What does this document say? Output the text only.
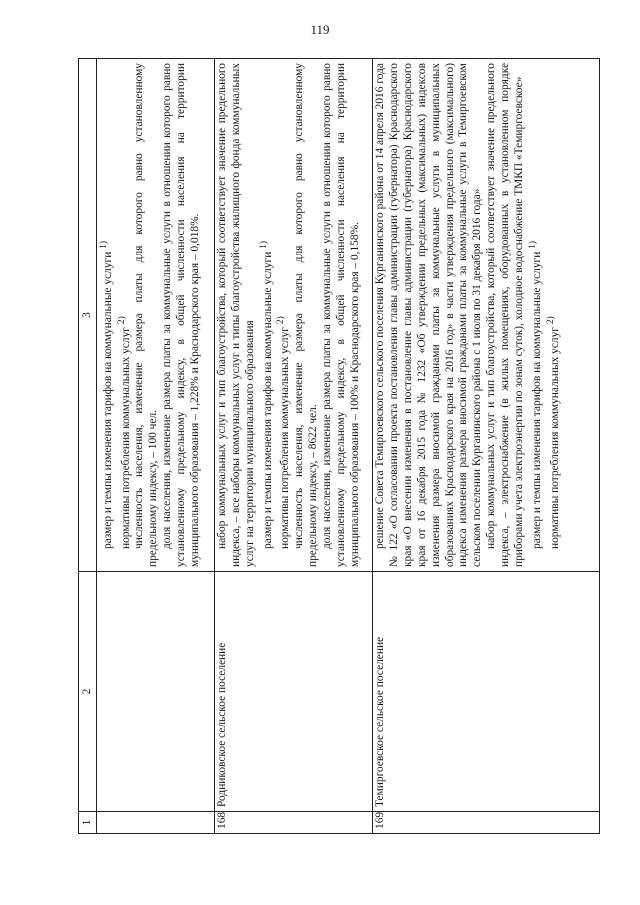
119
1	2	3

		размер и темпы изменения тарифов на коммунальные услуги $^{1)}$

нормативы потребления коммунальных услуг $^{2)}$ численность населения, изменение размера платы для которого равно установленному предельному индексу, – 100 чел. доля населения, изменение размера платы за коммунальные услуги в отношении которого равно установленному предельному индексу, в общей численности населения на территории муниципального образования – 1,228% и Краснодарского края – 0,018%.

168	Родниковское сельское поселение	набор коммунальных услуг и тип благоустройства, который соответствует значение предельного индекса, – все наборы коммунальных услуг и типы благоустройства жилищного фонда коммунальных услуг на территории муниципального образования размер и темпы изменения тарифов на коммунальные услуги $^{1)}$

нормативы потребления коммунальных услуг $^{2)}$ численность населения, изменение размера платы для которого равно установленному предельному индексу, – 8622 чел. доля населения, изменение размера платы за коммунальные услуги в отношении которого равно установленному предельному индексу, в общей численности населения на территории муниципального образования – 100% и Краснодарского края – 0,158%.

169	Темиргоевское сельское поселение	решение Совета Темиргоевского сельского поселения Курганинского района от 14 апреля 2016 года № 122 «О согласовании проекта постановления главы администрации (губернатора) Краснодарского края «О внесении изменения в постановление главы администрации (губернатора) Краснодарского края от 16 декабря 2015 года № 1232 «Об утверждении предельных (максимальных) индексов изменения размера вносимой гражданами платы за коммунальные услуги в муниципальных образованиях Краснодарского края на 2016 год» в части утверждения предельного (максимального) индекса изменения размера вносимой гражданами платы за коммунальные услуги в Темиргоевском сельском поселении Курганинского района с 1 июля по 31 декабря 2016 года» набор коммунальных услуг и тип благоустройства, который соответствует значение предельного индекса, – электроснабжение (в жилых помещениях, оборудованных в установленном порядке приборами учета электроэнергии по зонам суток), холодное водоснабжение ТМКП «Темиргоевское» размер и темпы изменения тарифов на коммунальные услуги $^{1)}$

нормативы потребления коммунальных услуг $^{2)}$
